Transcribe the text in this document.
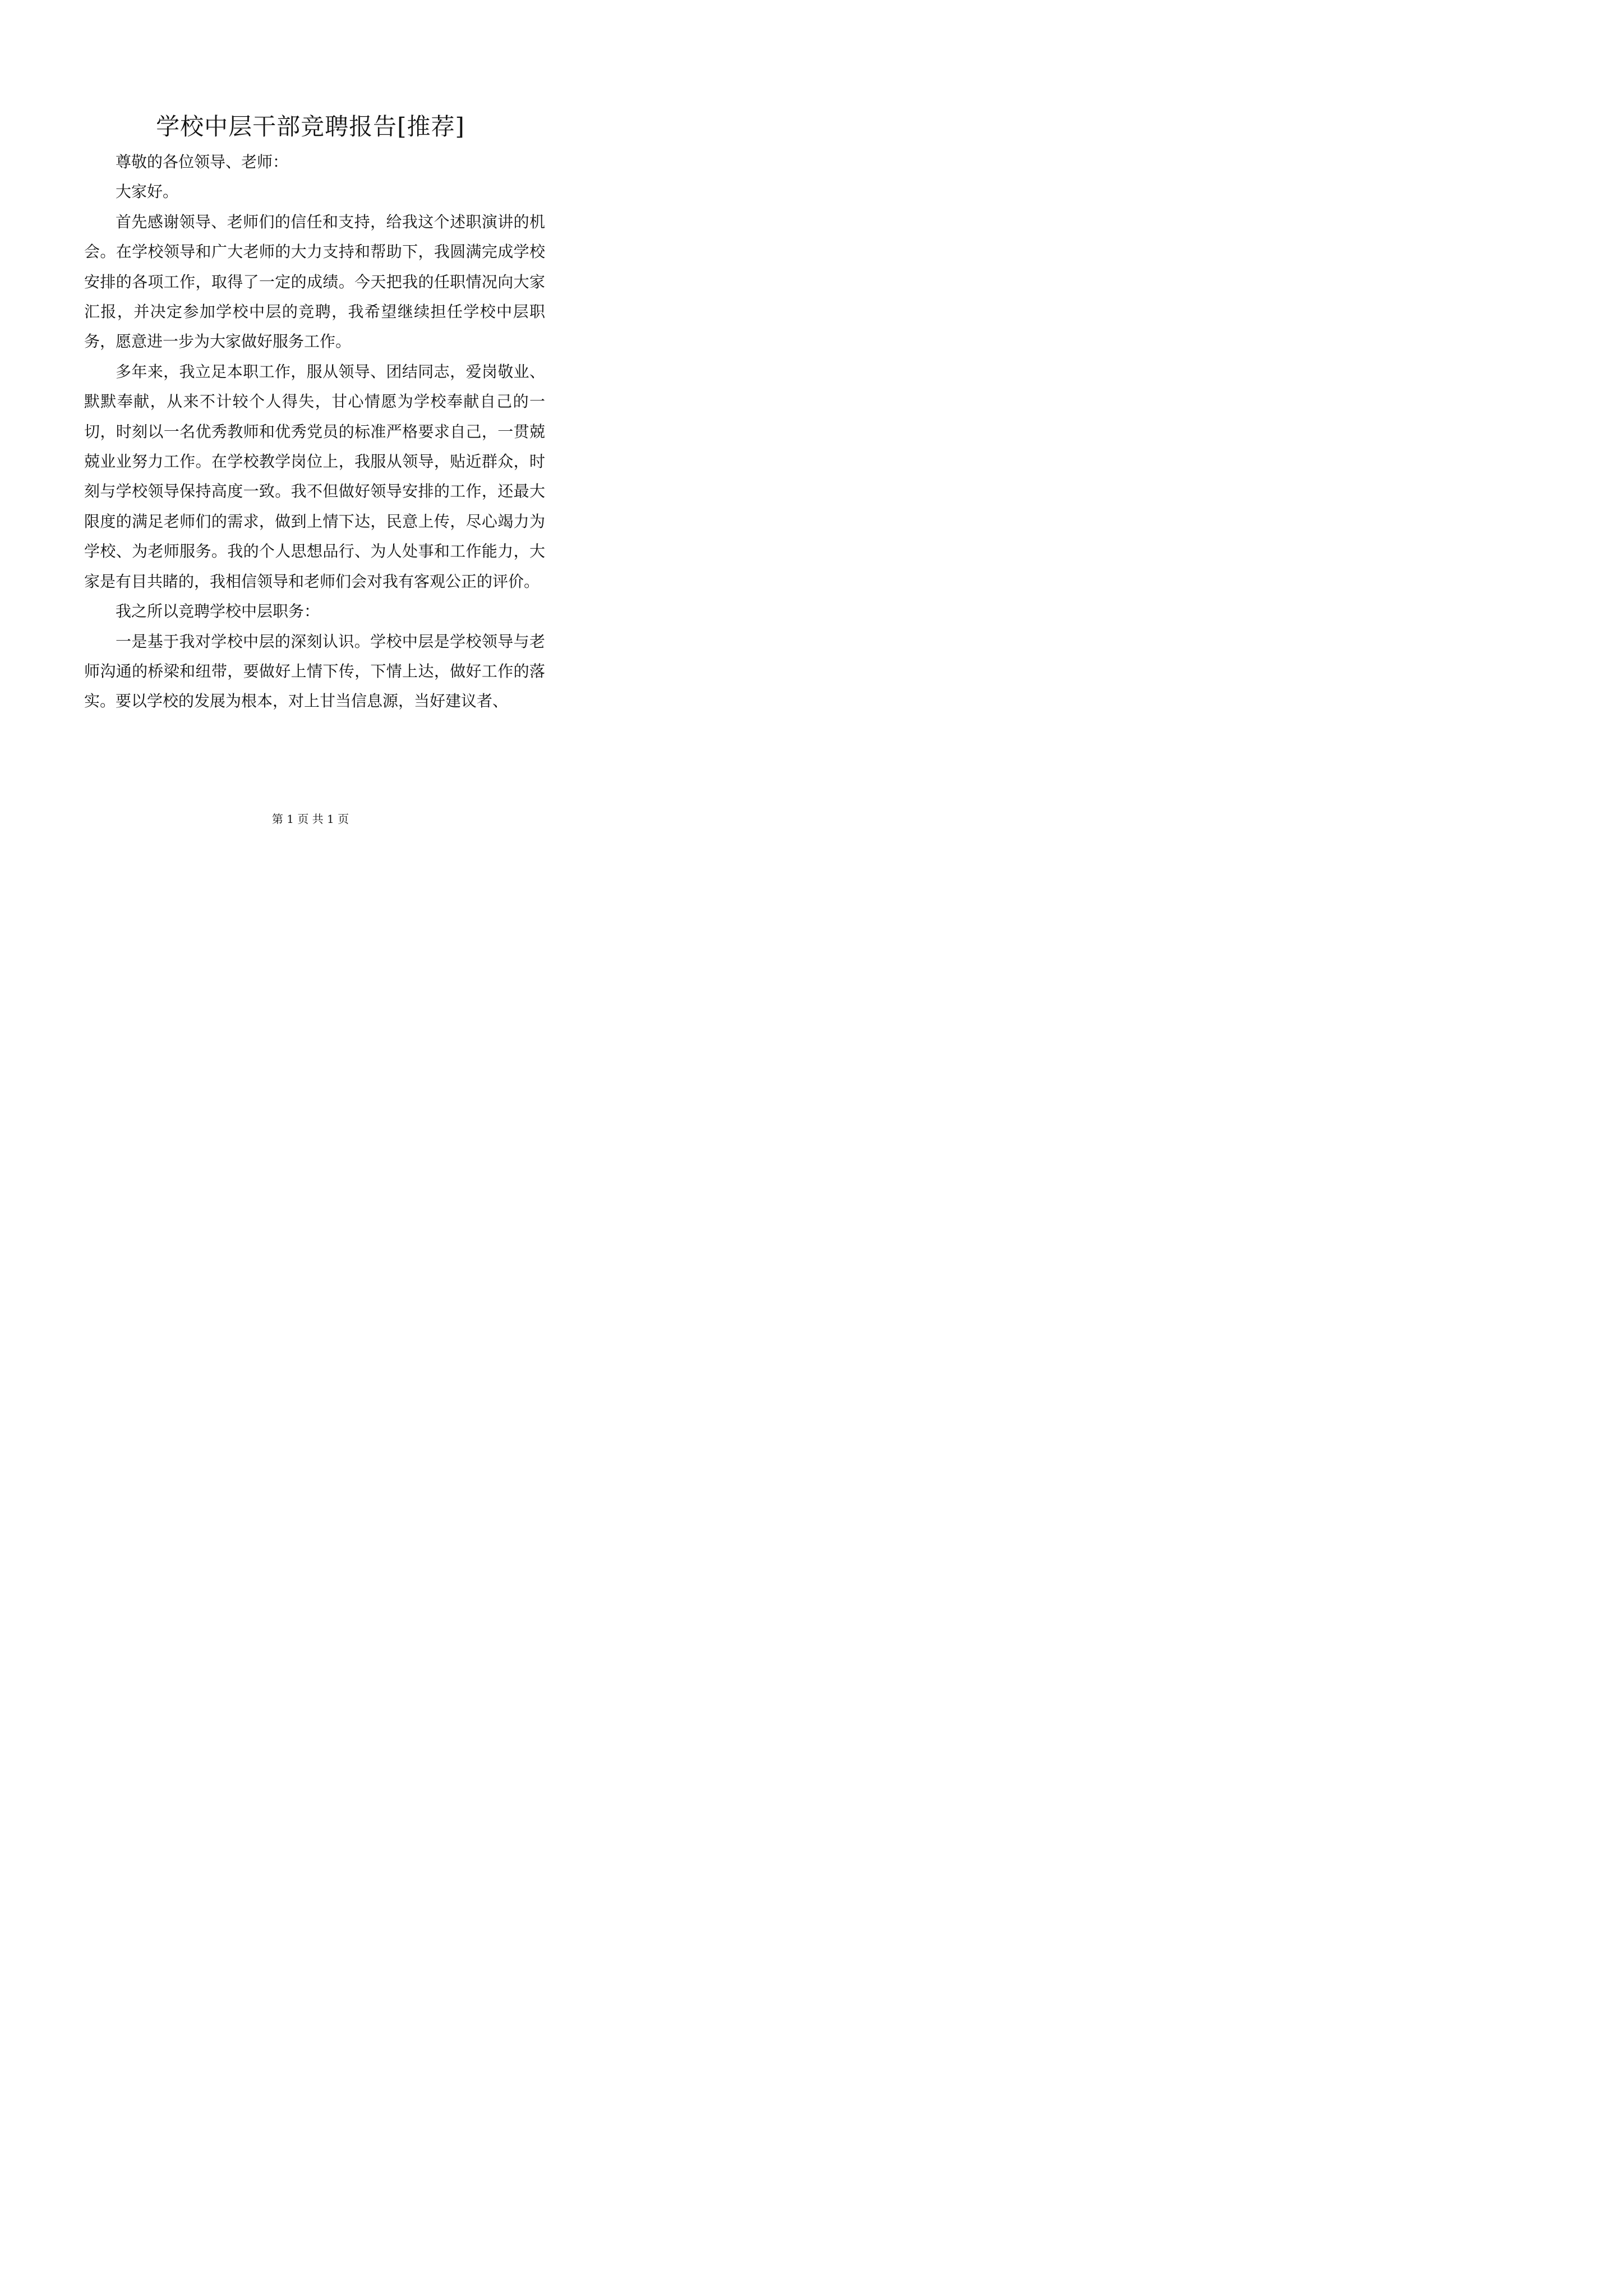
学校中层干部竞聘报告[推荐]

尊敬的各位领导、老师：

大家好。

首先感谢领导、老师们的信任和支持，给我这个述职演讲的机会。在学校领导和广大老师的大力支持和帮助下，我圆满完成学校安排的各项工作，取得了一定的成绩。今天把我的任职情况向大家汇报，并决定参加学校中层的竞聘，我希望继续担任学校中层职务，愿意进一步为大家做好服务工作。

多年来，我立足本职工作，服从领导、团结同志，爱岗敬业、默默奉献，从来不计较个人得失，甘心情愿为学校奉献自己的一切，时刻以一名优秀教师和优秀党员的标准严格要求自己，一贯兢兢业业努力工作。在学校教学岗位上，我服从领导，贴近群众，时刻与学校领导保持高度一致。我不但做好领导安排的工作，还最大限度的满足老师们的需求，做到上情下达，民意上传，尽心竭力为学校、为老师服务。我的个人思想品行、为人处事和工作能力，大家是有目共睹的，我相信领导和老师们会对我有客观公正的评价。

我之所以竞聘学校中层职务：

一是基于我对学校中层的深刻认识。学校中层是学校领导与老师沟通的桥梁和纽带，要做好上情下传，下情上达，做好工作的落实。要以学校的发展为根本，对上甘当信息源，当好建议者、

第 1 页 共 1 页
